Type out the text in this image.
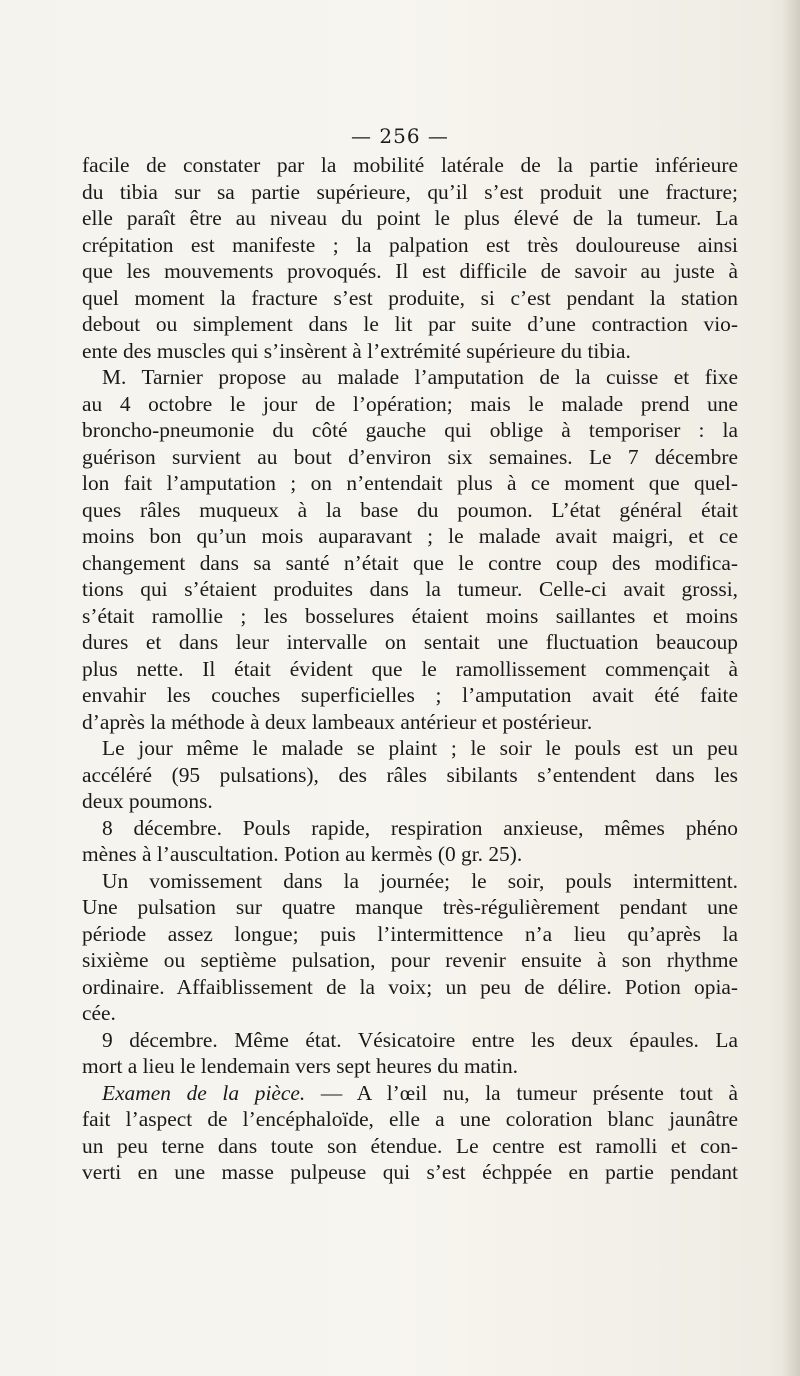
— 256 —
facile de constater par la mobilité latérale de la partie inférieure
du tibia sur sa partie supérieure, qu’il s’est produit une fracture;
elle paraît être au niveau du point le plus élevé de la tumeur. La
crépitation est manifeste ; la palpation est très douloureuse ainsi
que les mouvements provoqués. Il est difficile de savoir au juste à
quel moment la fracture s’est produite, si c’est pendant la station
debout ou simplement dans le lit par suite d’une contraction vio-
ente des muscles qui s’insèrent à l’extrémité supérieure du tibia.
M. Tarnier propose au malade l’amputation de la cuisse et fixe
au 4 octobre le jour de l’opération; mais le malade prend une
broncho-pneumonie du côté gauche qui oblige à temporiser : la
guérison survient au bout d’environ six semaines. Le 7 décembre
lon fait l’amputation ; on n’entendait plus à ce moment que quel-
ques râles muqueux à la base du poumon. L’état général était
moins bon qu’un mois auparavant ; le malade avait maigri, et ce
changement dans sa santé n’était que le contre coup des modifica-
tions qui s’étaient produites dans la tumeur. Celle-ci avait grossi,
s’était ramollie ; les bosselures étaient moins saillantes et moins
dures et dans leur intervalle on sentait une fluctuation beaucoup
plus nette. Il était évident que le ramollissement commençait à
envahir les couches superficielles ; l’amputation avait été faite
d’après la méthode à deux lambeaux antérieur et postérieur.
Le jour même le malade se plaint ; le soir le pouls est un peu
accéléré (95 pulsations), des râles sibilants s’entendent dans les
deux poumons.
8 décembre. Pouls rapide, respiration anxieuse, mêmes phéno
mènes à l’auscultation. Potion au kermès (0 gr. 25).
Un vomissement dans la journée; le soir, pouls intermittent.
Une pulsation sur quatre manque très-régulièrement pendant une
période assez longue; puis l’intermittence n’a lieu qu’après la
sixième ou septième pulsation, pour revenir ensuite à son rhythme
ordinaire. Affaiblissement de la voix; un peu de délire. Potion opia-
cée.
9 décembre. Même état. Vésicatoire entre les deux épaules. La
mort a lieu le lendemain vers sept heures du matin.
Examen de la pièce. — A l’œil nu, la tumeur présente tout à
fait l’aspect de l’encéphaloïde, elle a une coloration blanc jaunâtre
un peu terne dans toute son étendue. Le centre est ramolli et con-
verti en une masse pulpeuse qui s’est échppée en partie pendant
